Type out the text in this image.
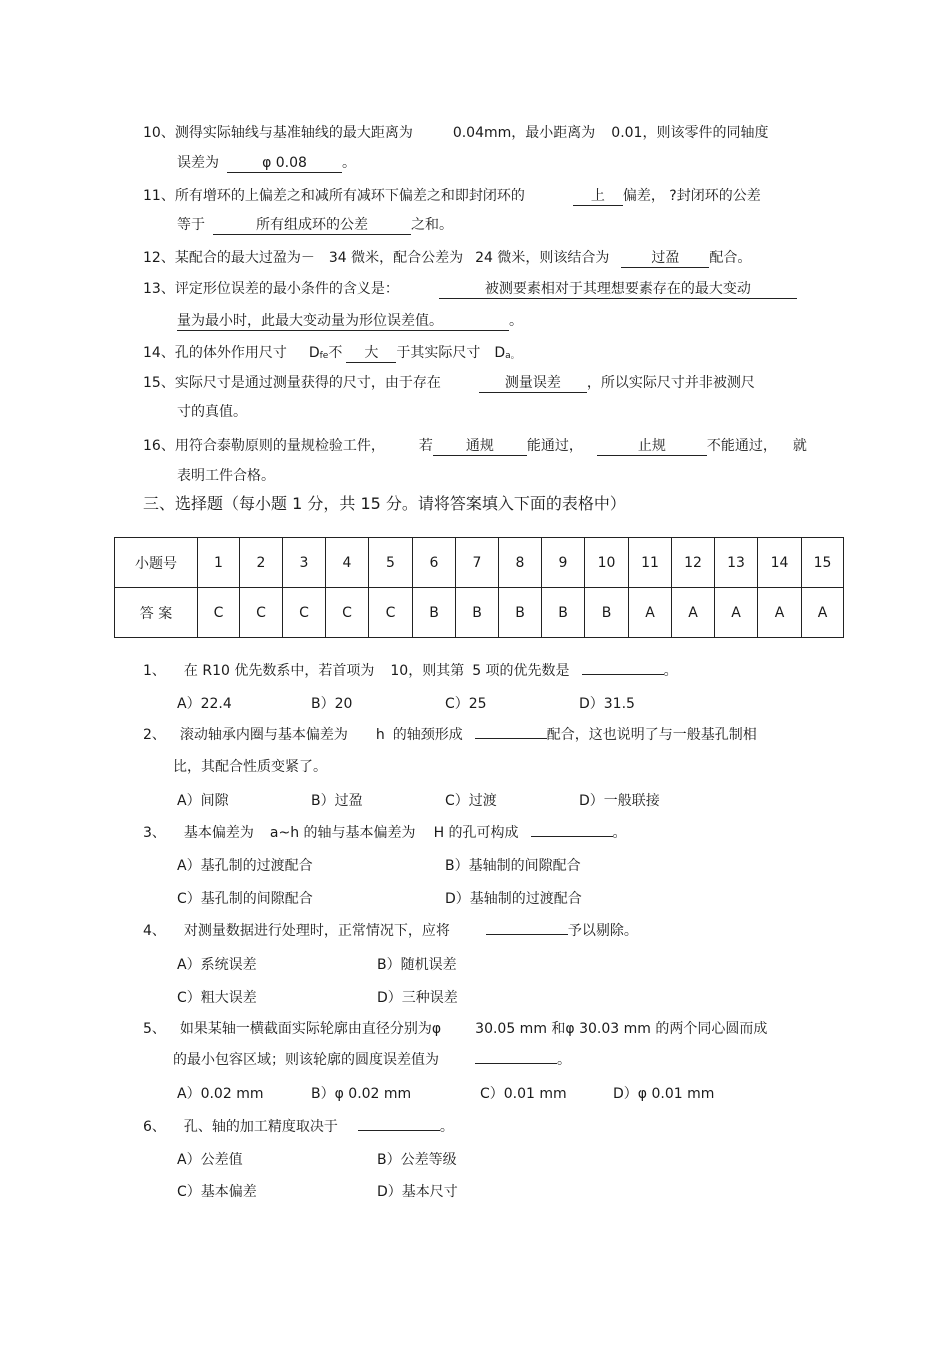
10、测得实际轴线与基准轴线的最大距离为	0.04mm，最小距离为 0.01，则该零件的同轴度
误差为	φ 0.08	。
11、所有增环的上偏差之和减所有减环下偏差之和即封闭环的	上 偏差， ?封闭环的公差
等于	所有组成环的公差	之和。
12、某配合的最大过盈为－ 34 微米，配合公差为 24 微米，则该结合为	过盈 配合。
13、评定形位误差的最小条件的含义是：	被测要素相对于其理想要素存在的最大变动
量为最小时，此最大变动量为形位误差值。	。
14、孔的体外作用尺寸 Dfe不 大 于其实际尺寸 Da。
15、实际尺寸是通过测量获得的尺寸，由于存在	测量误差 ，所以实际尺寸并非被测尺
寸的真值。
16、用符合泰勒原则的量规检验工件， 若 通规 能通过，	止规	不能通过， 就
表明工件合格。
三、选择题（每小题 1 分，共 15 分。请将答案填入下面的表格中）
小题号	1	2	3	4	5	6	7	8	9	10	11	12	13	14	15
答 案	C	C	C	C	C	B	B	B	B	B	A	A	A	A	A
1、 在 R10 优先数系中，若首项为 10，则其第 5 项的优先数是	。
A）22.4	B）20	C）25	D）31.5
2、 滚动轴承内圈与基本偏差为 h 的轴颈形成	配合，这也说明了与一般基孔制相
比，其配合性质变紧了。
A）间隙	B）过盈	C）过渡	D）一般联接
3、 基本偏差为 a~h 的轴与基本偏差为 H 的孔可构成	。
A）基孔制的过渡配合	B）基轴制的间隙配合
C）基孔制的间隙配合	D）基轴制的过渡配合
4、 对测量数据进行处理时，正常情况下，应将	予以剔除。
A）系统误差	B）随机误差
C）粗大误差	D）三种误差
5、 如果某轴一横截面实际轮廓由直径分别为φ 30.05 mm 和φ 30.03 mm 的两个同心圆而成
的最小包容区域；则该轮廓的圆度误差值为	。
A）0.02 mm	B）φ 0.02 mm	C）0.01 mm	D）φ 0.01 mm
6、 孔、轴的加工精度取决于	。
A）公差值	B）公差等级
C）基本偏差	D）基本尺寸
